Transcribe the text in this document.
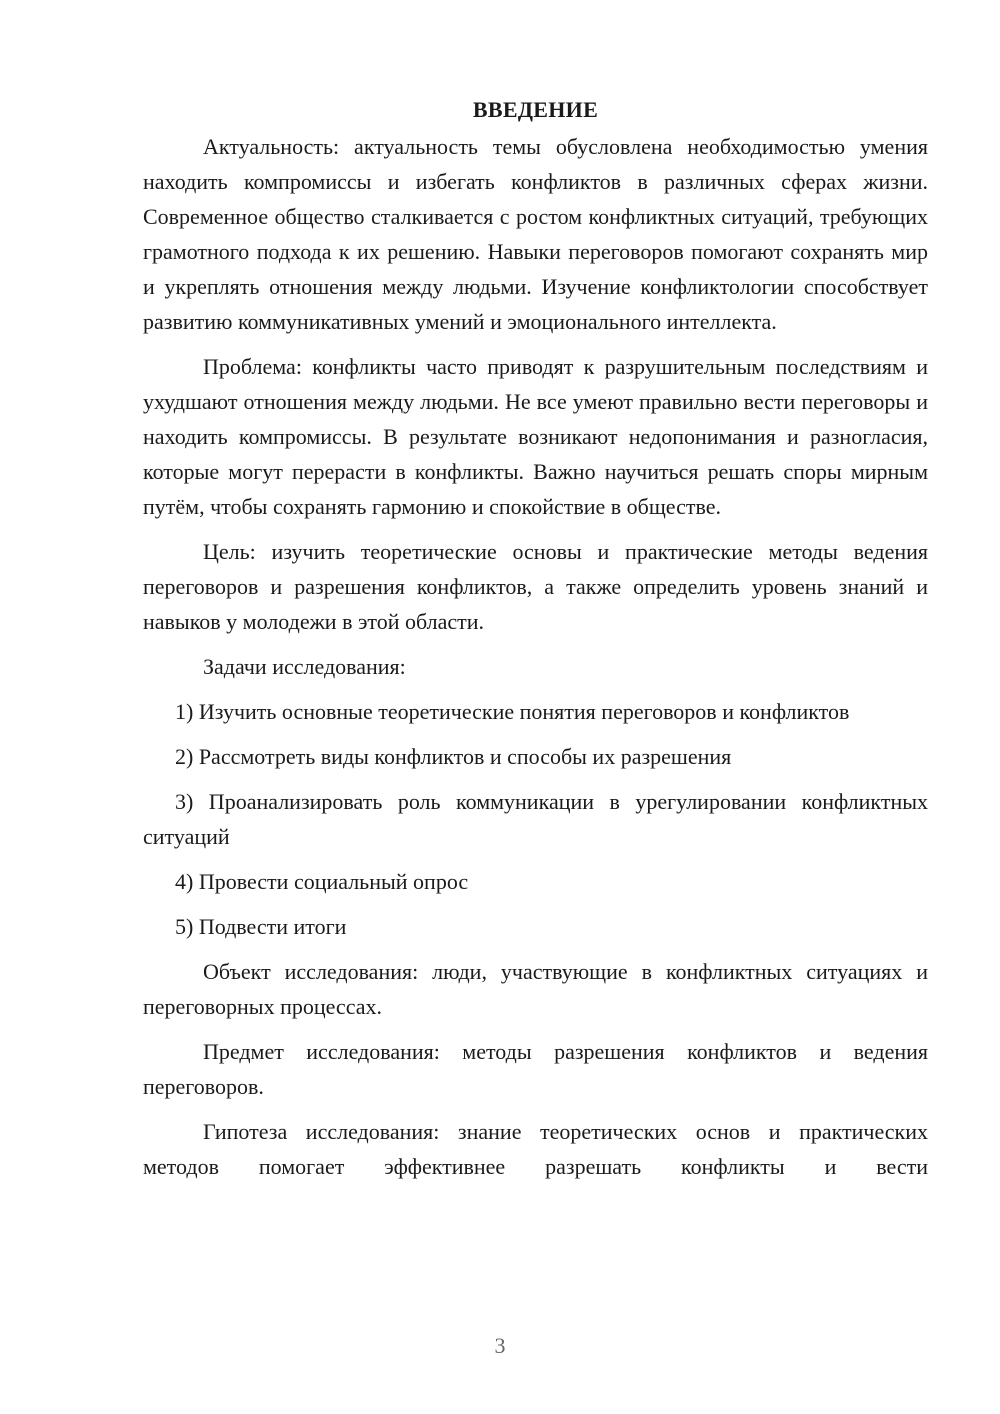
ВВЕДЕНИЕ

Актуальность: актуальность темы обусловлена необходимостью умения находить компромиссы и избегать конфликтов в различных сферах жизни. Современное общество сталкивается с ростом конфликтных ситуаций, требующих грамотного подхода к их решению. Навыки переговоров помогают сохранять мир и укреплять отношения между людьми. Изучение конфликтологии способствует развитию коммуникативных умений и эмоционального интеллекта.

Проблема: конфликты часто приводят к разрушительным последствиям и ухудшают отношения между людьми. Не все умеют правильно вести переговоры и находить компромиссы. В результате возникают недопонимания и разногласия, которые могут перерасти в конфликты. Важно научиться решать споры мирным путём, чтобы сохранять гармонию и спокойствие в обществе.

Цель: изучить теоретические основы и практические методы ведения переговоров и разрешения конфликтов, а также определить уровень знаний и навыков у молодежи в этой области.

Задачи исследования:

1) Изучить основные теоретические понятия переговоров и конфликтов

2) Рассмотреть виды конфликтов и способы их разрешения

3) Проанализировать роль коммуникации в урегулировании конфликтных ситуаций

4) Провести социальный опрос

5) Подвести итоги

Объект исследования: люди, участвующие в конфликтных ситуациях и переговорных процессах.

Предмет исследования: методы разрешения конфликтов и ведения переговоров.

Гипотеза исследования: знание теоретических основ и практических методов помогает эффективнее разрешать конфликты и вести

3
